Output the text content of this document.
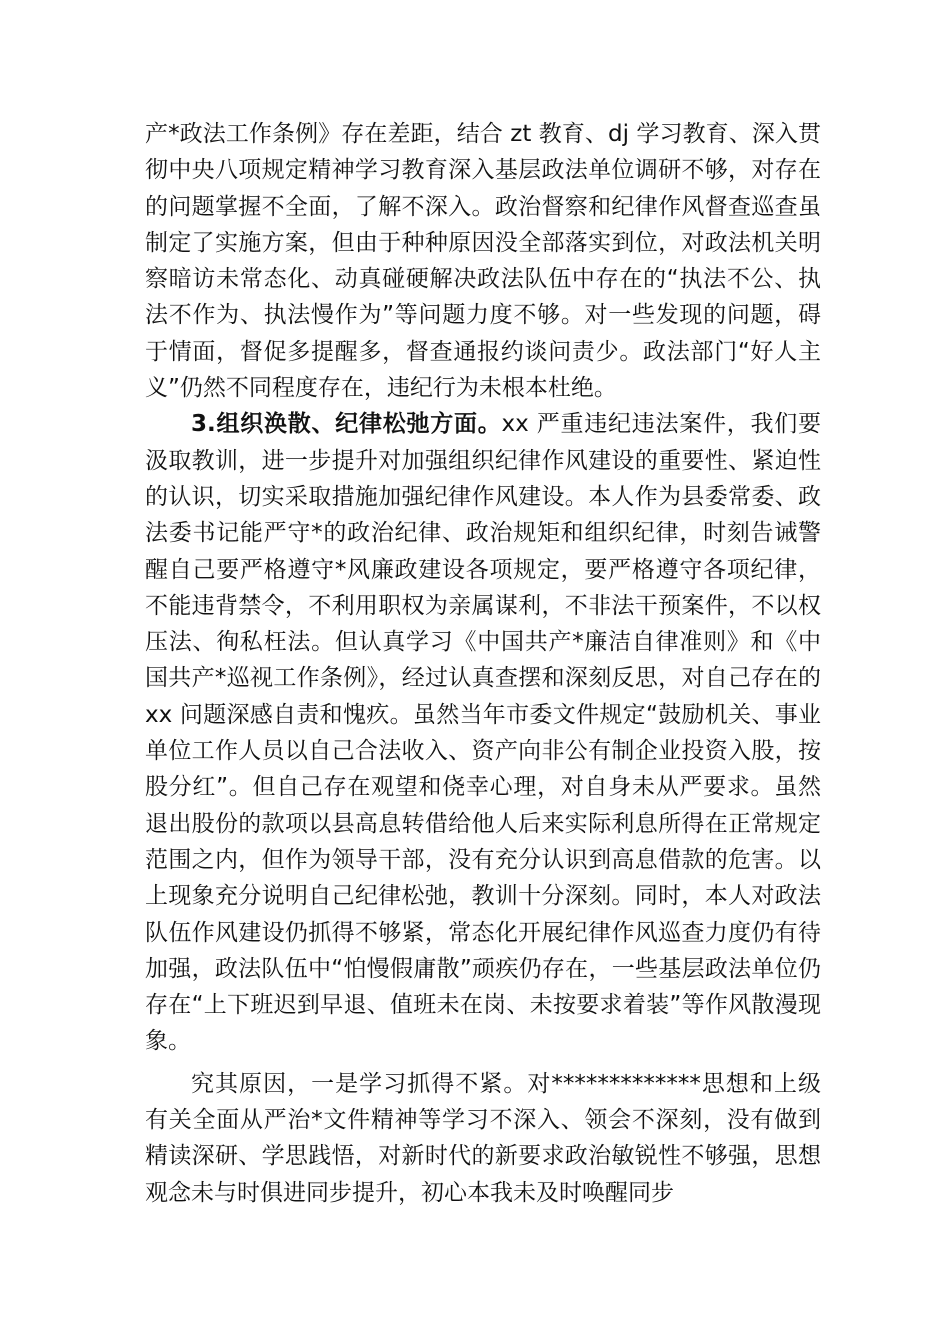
产*政法工作条例》存在差距，结合 zt 教育、dj 学习教育、深入贯彻中央八项规定精神学习教育深入基层政法单位调研不够，对存在的问题掌握不全面，了解不深入。政治督察和纪律作风督查巡查虽制定了实施方案，但由于种种原因没全部落实到位，对政法机关明察暗访未常态化、动真碰硬解决政法队伍中存在的“执法不公、执法不作为、执法慢作为”等问题力度不够。对一些发现的问题，碍于情面，督促多提醒多，督查通报约谈问责少。政法部门“好人主义”仍然不同程度存在，违纪行为未根本杜绝。

3.组织涣散、纪律松弛方面。xx 严重违纪违法案件，我们要汲取教训，进一步提升对加强组织纪律作风建设的重要性、紧迫性的认识，切实采取措施加强纪律作风建设。本人作为县委常委、政法委书记能严守*的政治纪律、政治规矩和组织纪律，时刻告诫警醒自己要严格遵守*风廉政建设各项规定，要严格遵守各项纪律，不能违背禁令，不利用职权为亲属谋利，不非法干预案件，不以权压法、徇私枉法。但认真学习《中国共产*廉洁自律准则》和《中国共产*巡视工作条例》，经过认真查摆和深刻反思，对自己存在的 xx 问题深感自责和愧疚。虽然当年市委文件规定“鼓励机关、事业单位工作人员以自己合法收入、资产向非公有制企业投资入股，按股分红”。但自己存在观望和侥幸心理，对自身未从严要求。虽然退出股份的款项以县高息转借给他人后来实际利息所得在正常规定范围之内，但作为领导干部，没有充分认识到高息借款的危害。以上现象充分说明自己纪律松弛，教训十分深刻。同时，本人对政法队伍作风建设仍抓得不够紧，常态化开展纪律作风巡查力度仍有待加强，政法队伍中“怕慢假庸散”顽疾仍存在，一些基层政法单位仍存在“上下班迟到早退、值班未在岗、未按要求着装”等作风散漫现象。

究其原因，一是学习抓得不紧。对*************思想和上级有关全面从严治*文件精神等学习不深入、领会不深刻，没有做到精读深研、学思践悟，对新时代的新要求政治敏锐性不够强，思想观念未与时俱进同步提升，初心本我未及时唤醒同步
